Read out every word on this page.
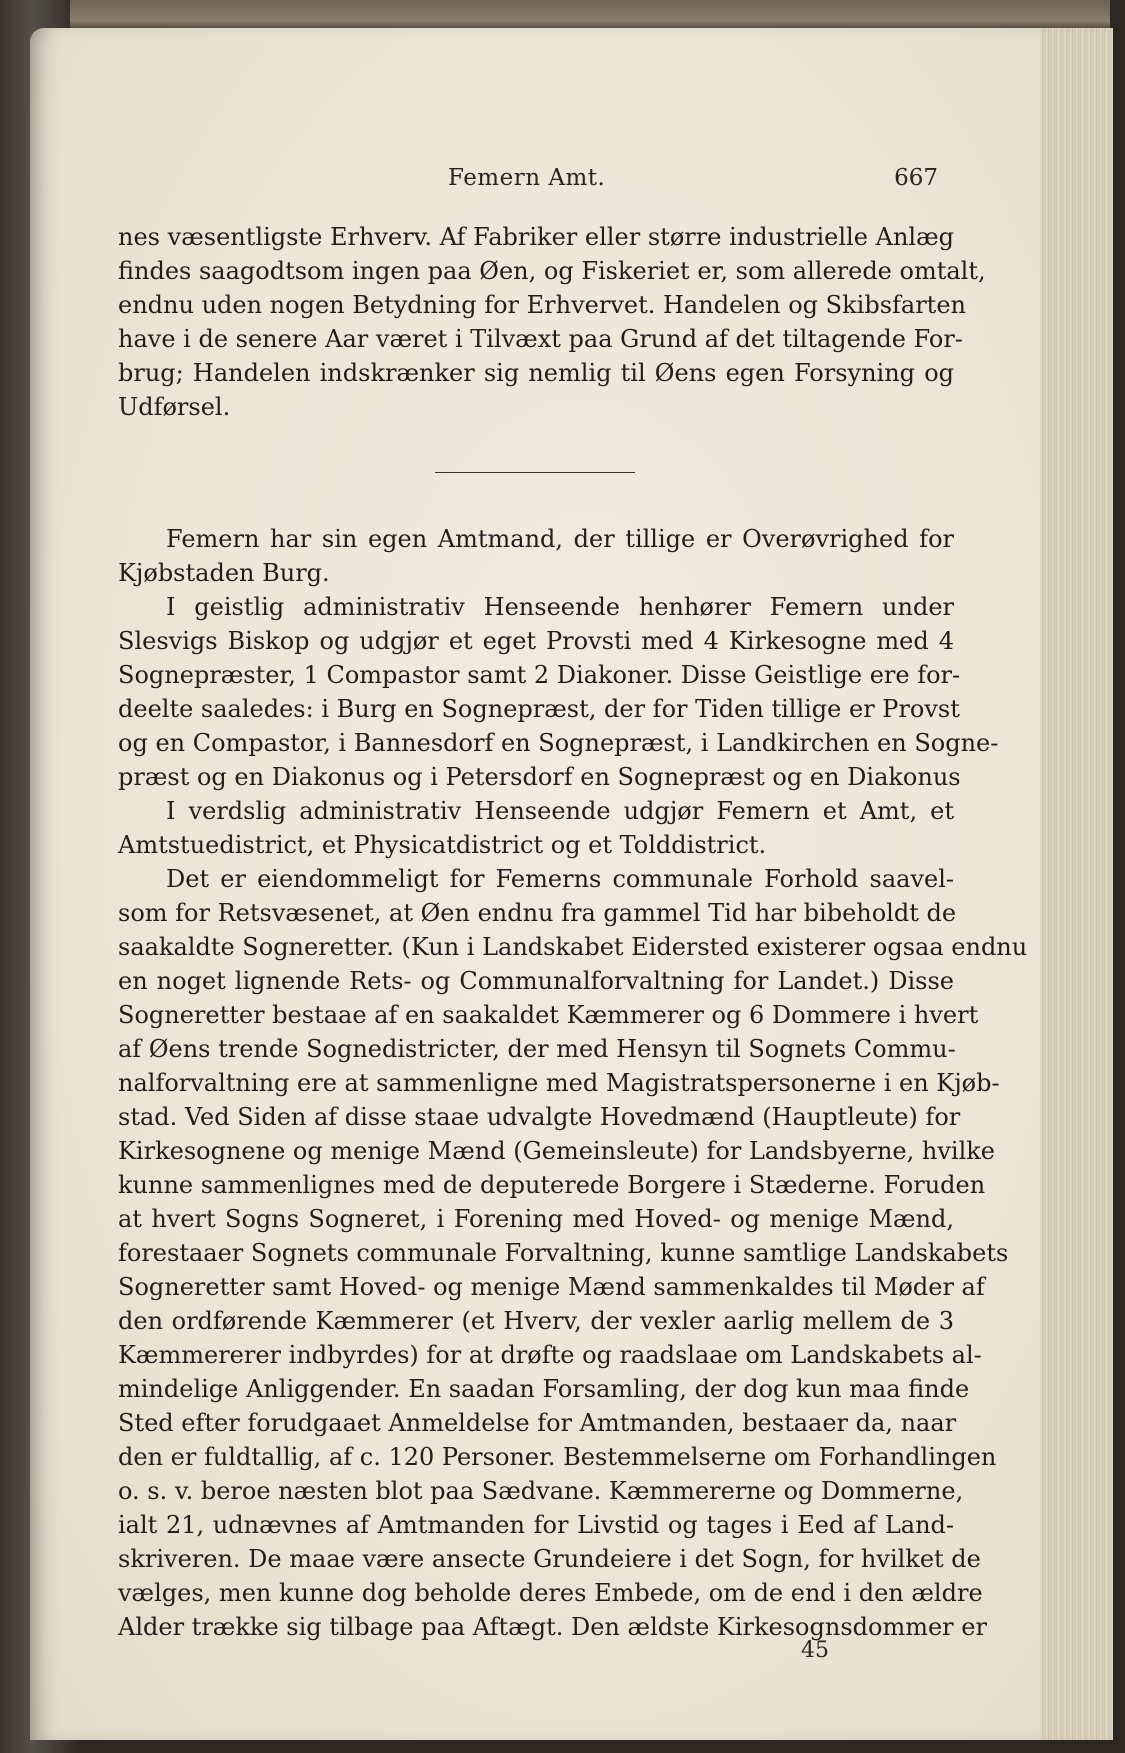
Femern Amt.	667
nes væsentligste Erhverv. Af Fabriker eller større industrielle Anlæg
findes saagodtsom ingen paa Øen, og Fiskeriet er, som allerede omtalt,
endnu uden nogen Betydning for Erhvervet. Handelen og Skibsfarten
have i de senere Aar været i Tilvæxt paa Grund af det tiltagende For-
brug; Handelen indskrænker sig nemlig til Øens egen Forsyning og
Udførsel.
Femern har sin egen Amtmand, der tillige er Overøvrighed for
Kjøbstaden Burg.
I geistlig administrativ Henseende henhører Femern under
Slesvigs Biskop og udgjør et eget Provsti med 4 Kirkesogne med 4
Sognepræster, 1 Compastor samt 2 Diakoner. Disse Geistlige ere for-
deelte saaledes: i Burg en Sognepræst, der for Tiden tillige er Provst
og en Compastor, i Bannesdorf en Sognepræst, i Landkirchen en Sogne-
præst og en Diakonus og i Petersdorf en Sognepræst og en Diakonus
I verdslig administrativ Henseende udgjør Femern et Amt, et
Amtstuedistrict, et Physicatdistrict og et Tolddistrict.
Det er eiendommeligt for Femerns communale Forhold saavel-
som for Retsvæsenet, at Øen endnu fra gammel Tid har bibeholdt de
saakaldte Sogneretter. (Kun i Landskabet Eidersted existerer ogsaa endnu
en noget lignende Rets- og Communalforvaltning for Landet.) Disse
Sogneretter bestaae af en saakaldet Kæmmerer og 6 Dommere i hvert
af Øens trende Sognedistricter, der med Hensyn til Sognets Commu-
nalforvaltning ere at sammenligne med Magistratspersonerne i en Kjøb-
stad. Ved Siden af disse staae udvalgte Hovedmænd (Hauptleute) for
Kirkesognene og menige Mænd (Gemeinsleute) for Landsbyerne, hvilke
kunne sammenlignes med de deputerede Borgere i Stæderne. Foruden
at hvert Sogns Sogneret, i Forening med Hoved- og menige Mænd,
forestaaer Sognets communale Forvaltning, kunne samtlige Landskabets
Sogneretter samt Hoved- og menige Mænd sammenkaldes til Møder af
den ordførende Kæmmerer (et Hverv, der vexler aarlig mellem de 3
Kæmmererer indbyrdes) for at drøfte og raadslaae om Landskabets al-
mindelige Anliggender. En saadan Forsamling, der dog kun maa finde
Sted efter forudgaaet Anmeldelse for Amtmanden, bestaaer da, naar
den er fuldtallig, af c. 120 Personer. Bestemmelserne om Forhandlingen
o. s. v. beroe næsten blot paa Sædvane. Kæmmererne og Dommerne,
ialt 21, udnævnes af Amtmanden for Livstid og tages i Eed af Land-
skriveren. De maae være ansecte Grundeiere i det Sogn, for hvilket de
vælges, men kunne dog beholde deres Embede, om de end i den ældre
Alder trække sig tilbage paa Aftægt. Den ældste Kirkesognsdommer er
45
